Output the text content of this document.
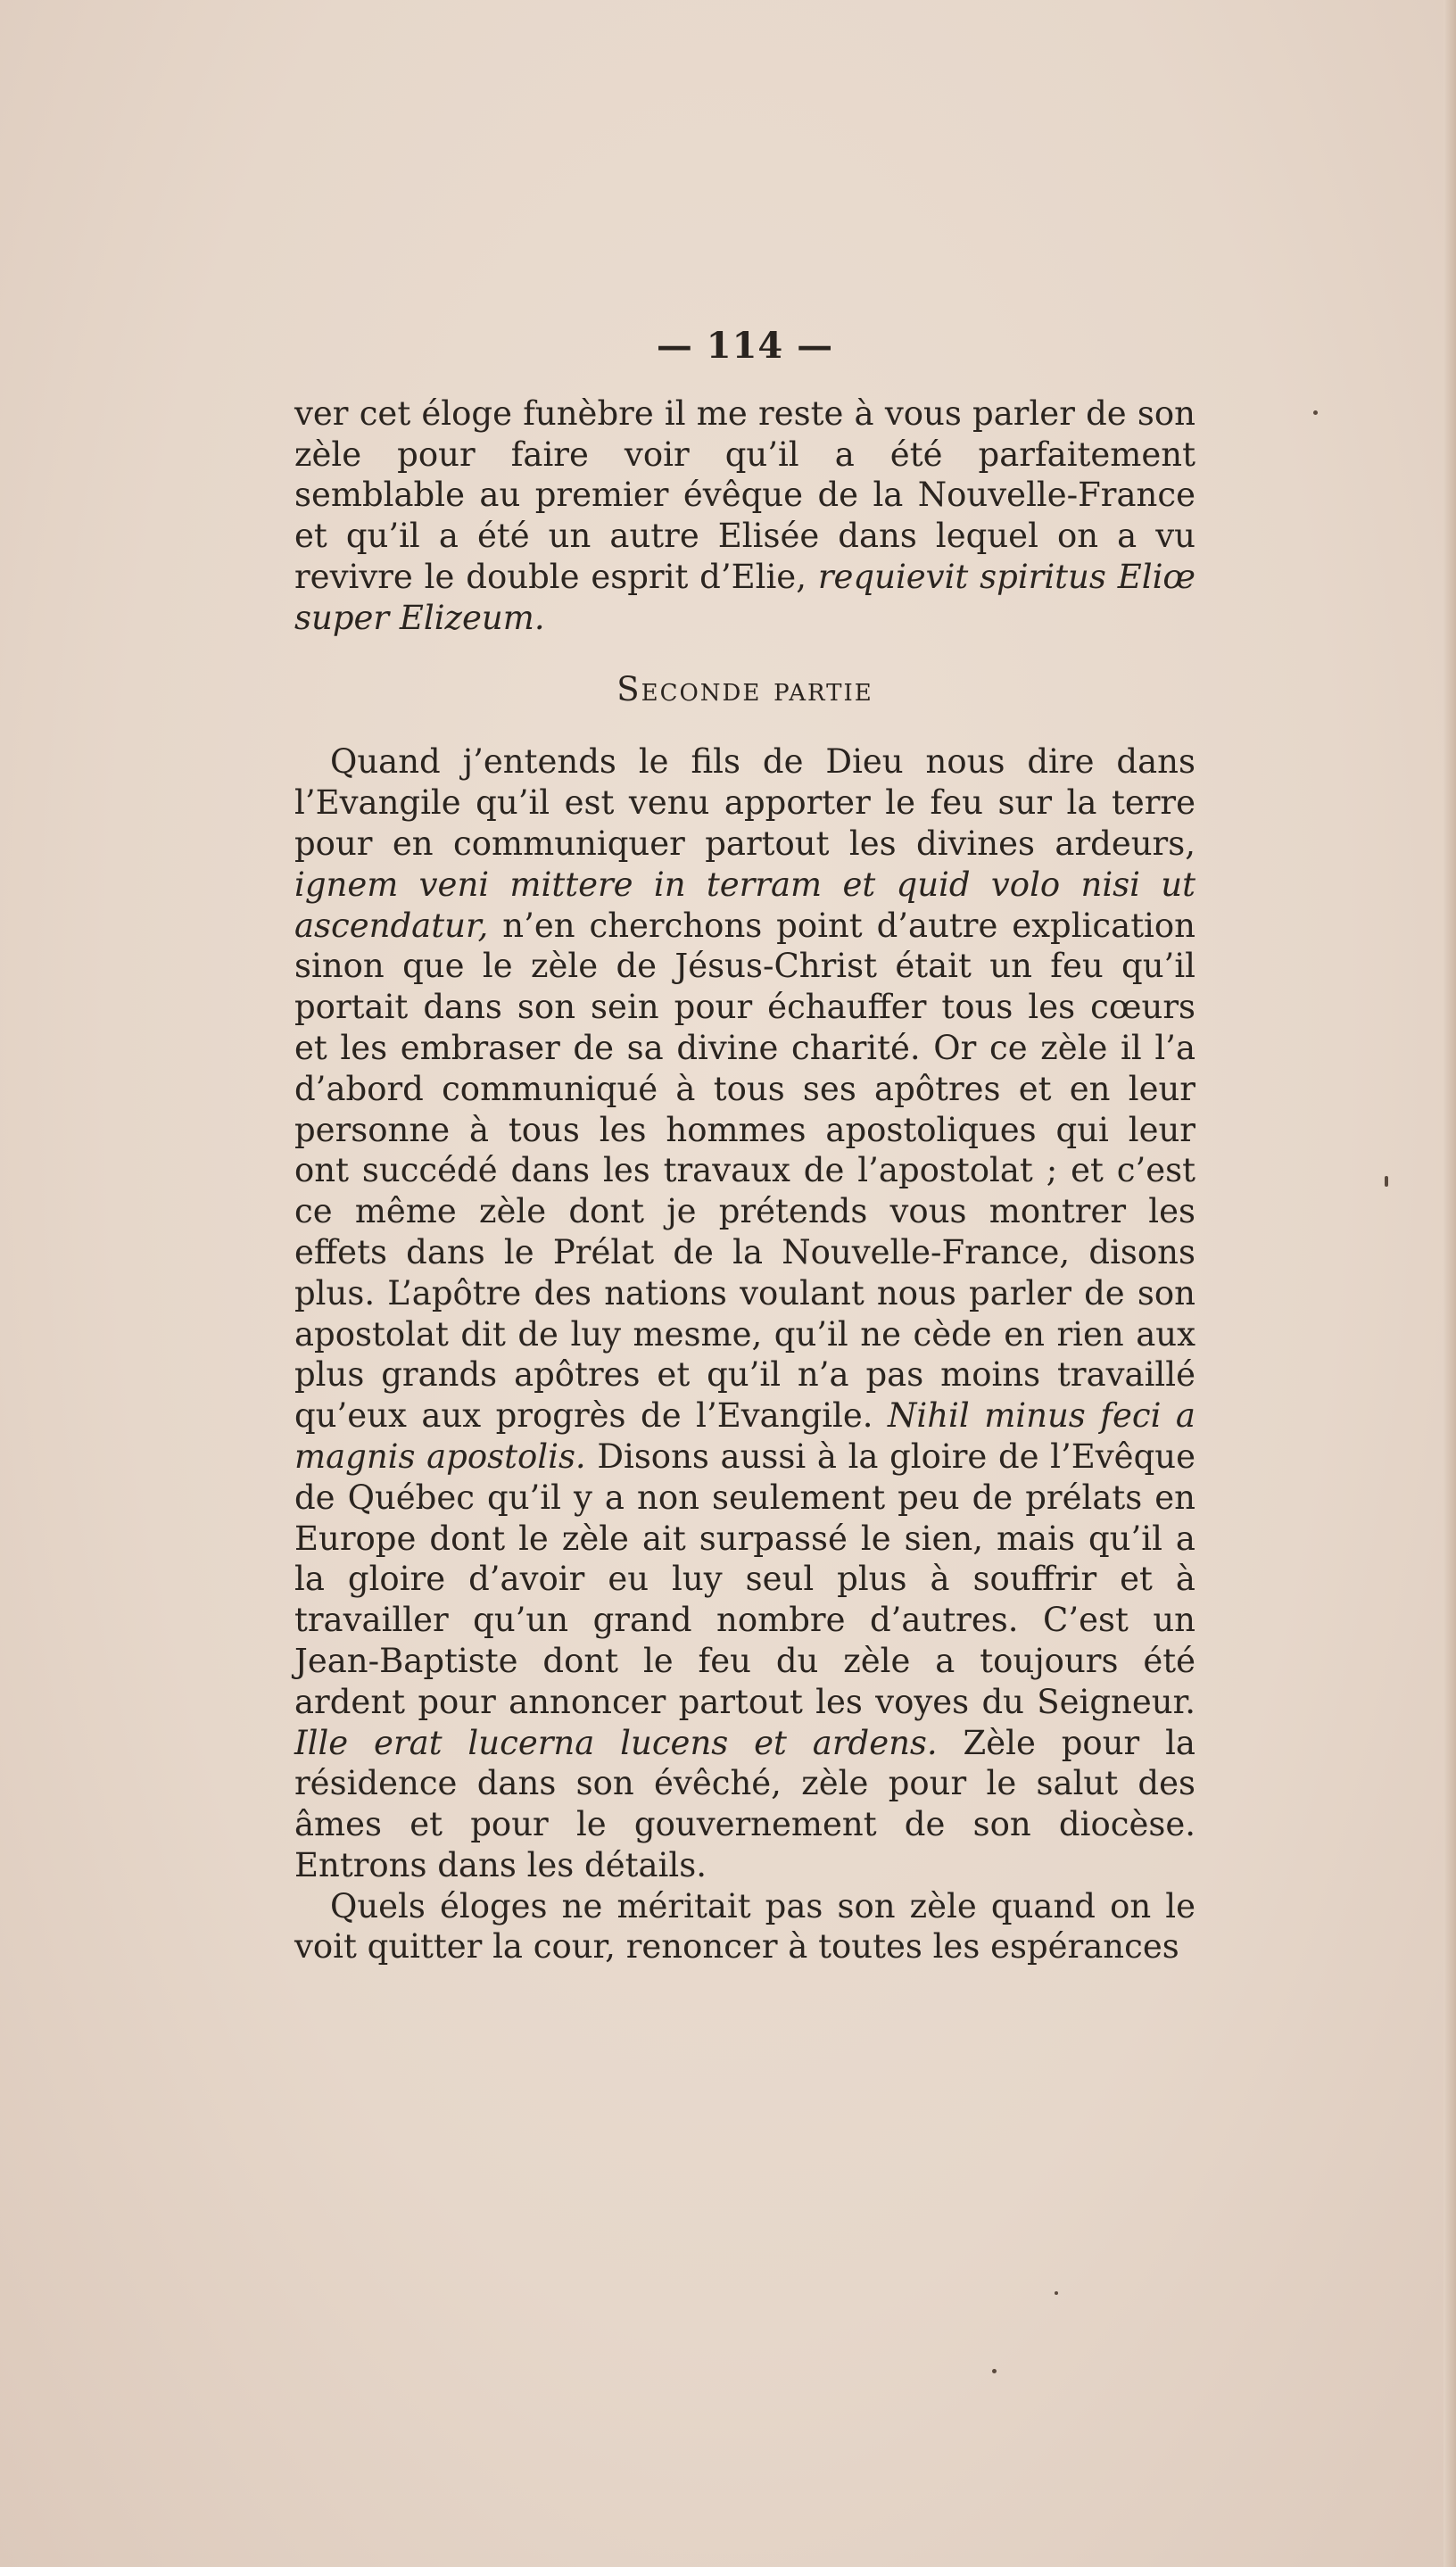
— 114 —

ver cet éloge funèbre il me reste à vous parler de son zèle pour faire voir qu’il a été parfaitement semblable au premier évêque de la Nouvelle-France et qu’il a été un autre Elisée dans lequel on a vu revivre le double esprit d’Elie, requievit spiritus Eliœ super Elizeum.

Seconde partie

Quand j’entends le fils de Dieu nous dire dans l’Evangile qu’il est venu apporter le feu sur la terre pour en communiquer partout les divines ardeurs, ignem veni mittere in terram et quid volo nisi ut ascendatur, n’en cherchons point d’autre explication sinon que le zèle de Jésus-Christ était un feu qu’il portait dans son sein pour échauffer tous les cœurs et les embraser de sa divine charité. Or ce zèle il l’a d’abord communiqué à tous ses apôtres et en leur personne à tous les hommes apostoliques qui leur ont succédé dans les travaux de l’apostolat ; et c’est ce même zèle dont je prétends vous montrer les effets dans le Prélat de la Nouvelle-France, disons plus. L’apôtre des nations voulant nous parler de son apostolat dit de luy mesme, qu’il ne cède en rien aux plus grands apôtres et qu’il n’a pas moins travaillé qu’eux aux progrès de l’Evangile. Nihil minus feci a magnis apostolis. Disons aussi à la gloire de l’Evêque de Québec qu’il y a non seulement peu de prélats en Europe dont le zèle ait surpassé le sien, mais qu’il a la gloire d’avoir eu luy seul plus à souffrir et à travailler qu’un grand nombre d’autres. C’est un Jean-Baptiste dont le feu du zèle a toujours été ardent pour annoncer partout les voyes du Seigneur. Ille erat lucerna lucens et ardens. Zèle pour la résidence dans son évêché, zèle pour le salut des âmes et pour le gouvernement de son diocèse. Entrons dans les détails.

Quels éloges ne méritait pas son zèle quand on le voit quitter la cour, renoncer à toutes les espérances
